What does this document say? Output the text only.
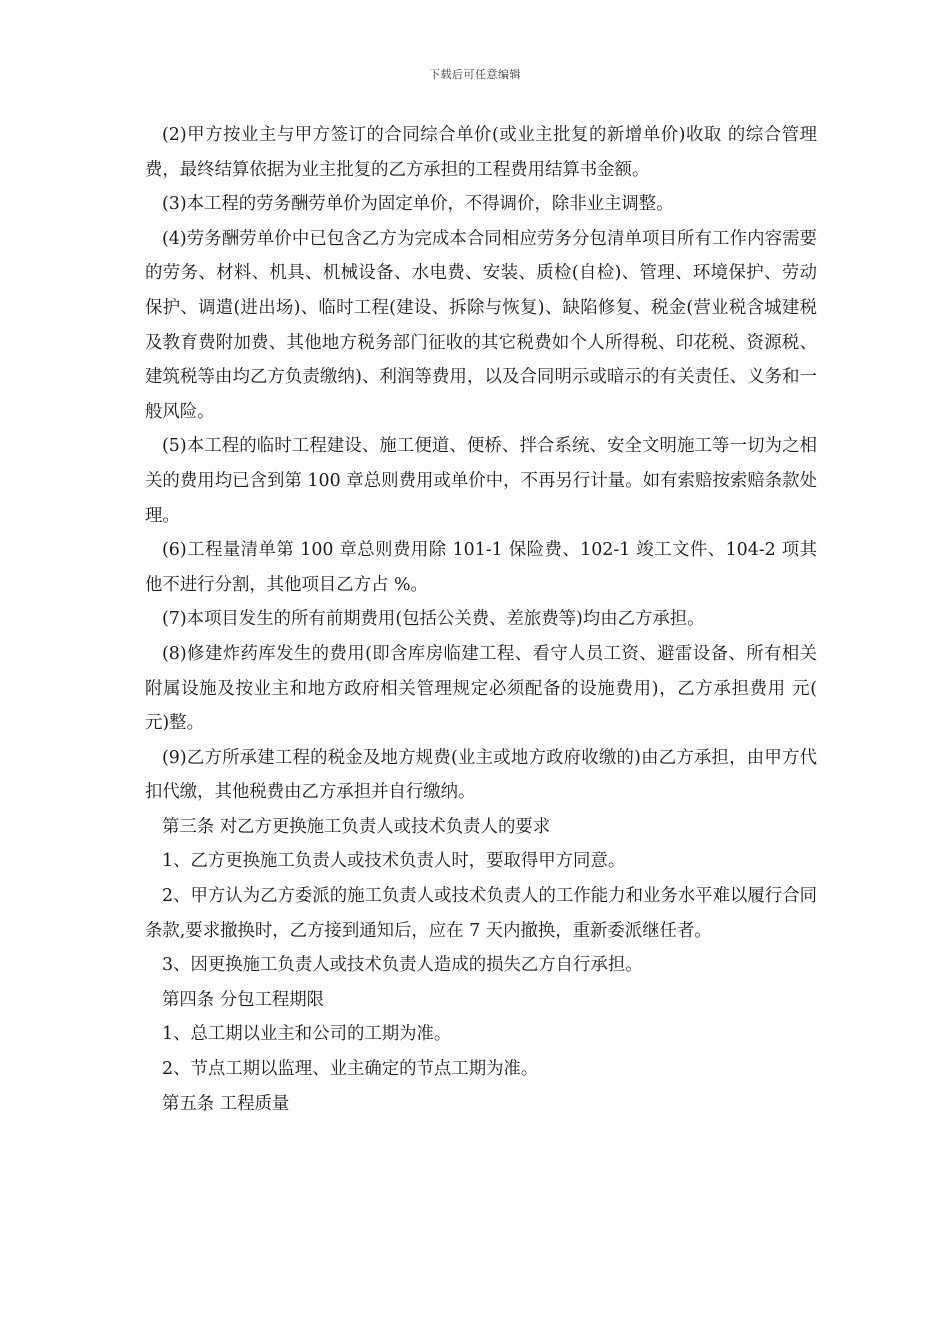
下载后可任意编辑

(2)甲方按业主与甲方签订的合同综合单价(或业主批复的新增单价)收取 的综合管理费，最终结算依据为业主批复的乙方承担的工程费用结算书金额。

(3)本工程的劳务酬劳单价为固定单价，不得调价，除非业主调整。

(4)劳务酬劳单价中已包含乙方为完成本合同相应劳务分包清单项目所有工作内容需要的劳务、材料、机具、机械设备、水电费、安装、质检(自检)、管理、环境保护、劳动保护、调遣(进出场)、临时工程(建设、拆除与恢复)、缺陷修复、税金(营业税含城建税及教育费附加费、其他地方税务部门征收的其它税费如个人所得税、印花税、资源税、建筑税等由均乙方负责缴纳)、利润等费用，以及合同明示或暗示的有关责任、义务和一般风险。

(5)本工程的临时工程建设、施工便道、便桥、拌合系统、安全文明施工等一切为之相关的费用均已含到第 100 章总则费用或单价中，不再另行计量。如有索赔按索赔条款处理。

(6)工程量清单第 100 章总则费用除 101-1 保险费、102-1 竣工文件、104-2 项其他不进行分割，其他项目乙方占 %。

(7)本项目发生的所有前期费用(包括公关费、差旅费等)均由乙方承担。

(8)修建炸药库发生的费用(即含库房临建工程、看守人员工资、避雷设备、所有相关附属设施及按业主和地方政府相关管理规定必须配备的设施费用)，乙方承担费用 元( 元)整。

(9)乙方所承建工程的税金及地方规费(业主或地方政府收缴的)由乙方承担，由甲方代扣代缴，其他税费由乙方承担并自行缴纳。

第三条 对乙方更换施工负责人或技术负责人的要求

1、乙方更换施工负责人或技术负责人时，要取得甲方同意。

2、甲方认为乙方委派的施工负责人或技术负责人的工作能力和业务水平难以履行合同条款,要求撤换时，乙方接到通知后，应在 7 天内撤换，重新委派继任者。

3、因更换施工负责人或技术负责人造成的损失乙方自行承担。

第四条 分包工程期限

1、总工期以业主和公司的工期为准。

2、节点工期以监理、业主确定的节点工期为准。

第五条 工程质量
